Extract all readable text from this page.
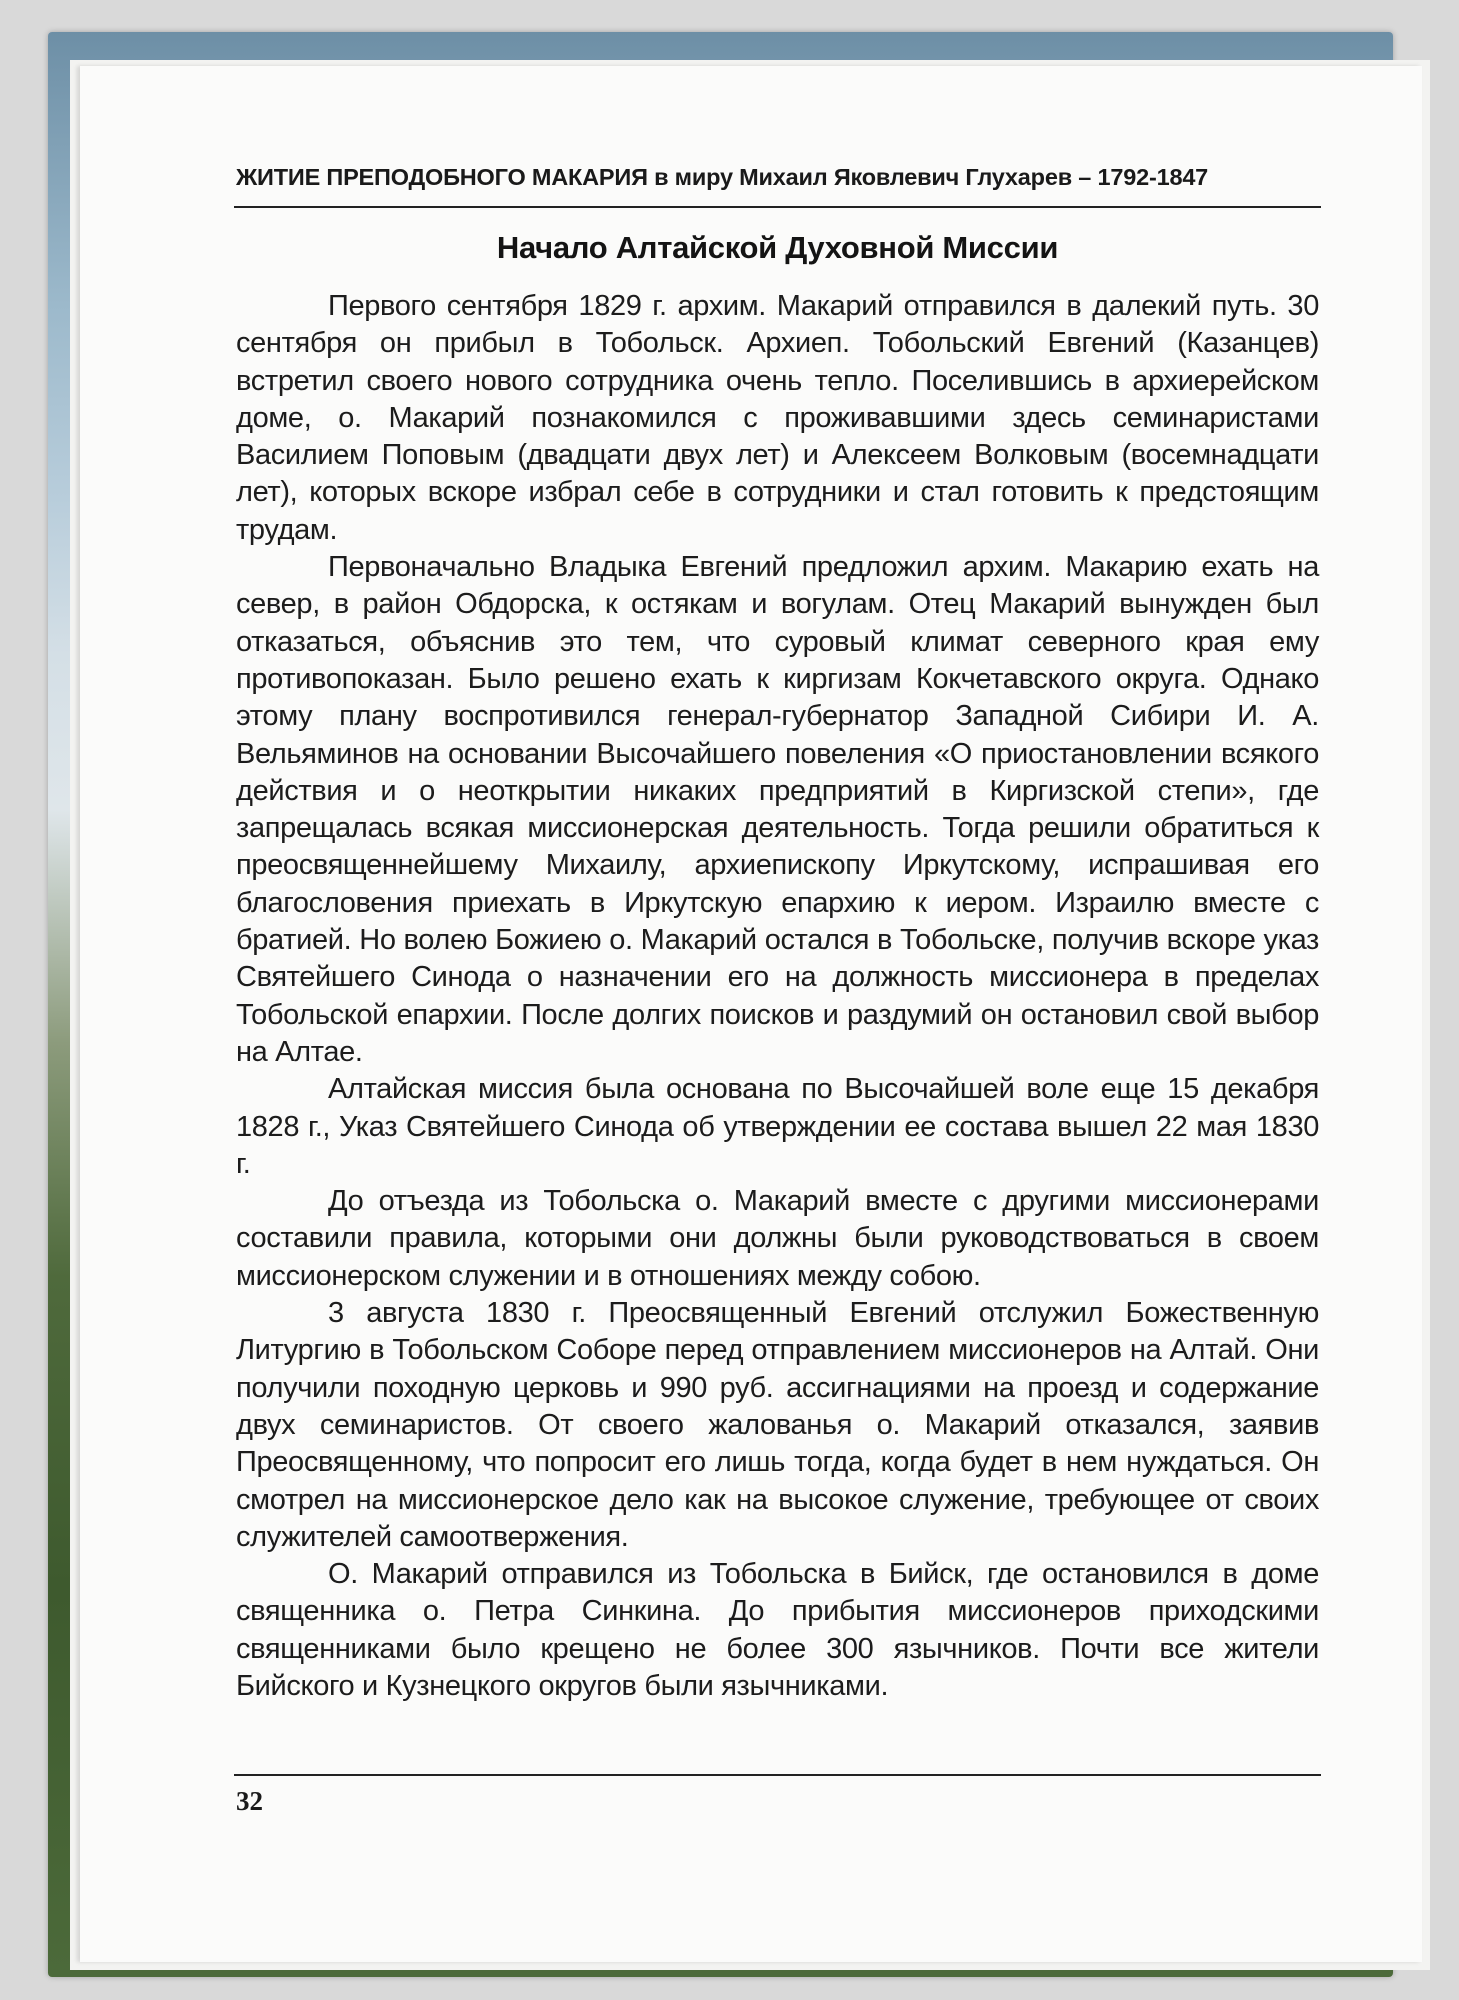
ЖИТИЕ ПРЕПОДОБНОГО МАКАРИЯ в миру Михаил Яковлевич Глухарев – 1792-1847
Начало Алтайской Духовной Миссии

Первого сентября 1829 г. архим. Макарий отправился в далекий путь. 30 сентября он прибыл в Тобольск. Архиеп. Тобольский Евгений (Казанцев) встретил своего нового сотрудника очень тепло. Поселившись в архиерейском доме, о. Макарий познакомился с проживавшими здесь семинаристами Василием Поповым (двадцати двух лет) и Алексеем Волковым (восемнадцати лет), которых вскоре избрал себе в сотрудники и стал готовить к предстоящим трудам.

Первоначально Владыка Евгений предложил архим. Макарию ехать на север, в район Обдорска, к остякам и вогулам. Отец Макарий вынужден был отказаться, объяснив это тем, что суровый климат северного края ему противопоказан. Было решено ехать к киргизам Кокчетавского округа. Однако этому плану воспротивился генерал-губернатор Западной Сибири И. А. Вельяминов на основании Высочайшего повеления «О приостановлении всякого действия и о неоткрытии никаких предприятий в Киргизской степи», где запрещалась всякая миссионерская деятельность. Тогда решили обратиться к преосвященнейшему Михаилу, архиепископу Иркутскому, испрашивая его благословения приехать в Иркутскую епархию к иером. Израилю вместе с братией. Но волею Божиею о. Макарий остался в Тобольске, получив вскоре указ Святейшего Синода о назначении его на должность миссионера в пределах Тобольской епархии. После долгих поисков и раздумий он остановил свой выбор на Алтае.

Алтайская миссия была основана по Высочайшей воле еще 15 декабря 1828 г., Указ Святейшего Синода об утверждении ее состава вышел 22 мая 1830 г.

До отъезда из Тобольска о. Макарий вместе с другими миссионерами составили правила, которыми они должны были руководствоваться в своем миссионерском служении и в отношениях между собою.

3 августа 1830 г. Преосвященный Евгений отслужил Божественную Литургию в Тобольском Соборе перед отправлением миссионеров на Алтай. Они получили походную церковь и 990 руб. ассигнациями на проезд и содержание двух семинаристов. От своего жалованья о. Макарий отказался, заявив Преосвященному, что попросит его лишь тогда, когда будет в нем нуждаться. Он смотрел на миссионерское дело как на высокое служение, требующее от своих служителей самоотвержения.

О. Макарий отправился из Тобольска в Бийск, где остановился в доме священника о. Петра Синкина. До прибытия миссионеров приходскими священниками было крещено не более 300 язычников. Почти все жители Бийского и Кузнецкого округов были язычниками.

32
